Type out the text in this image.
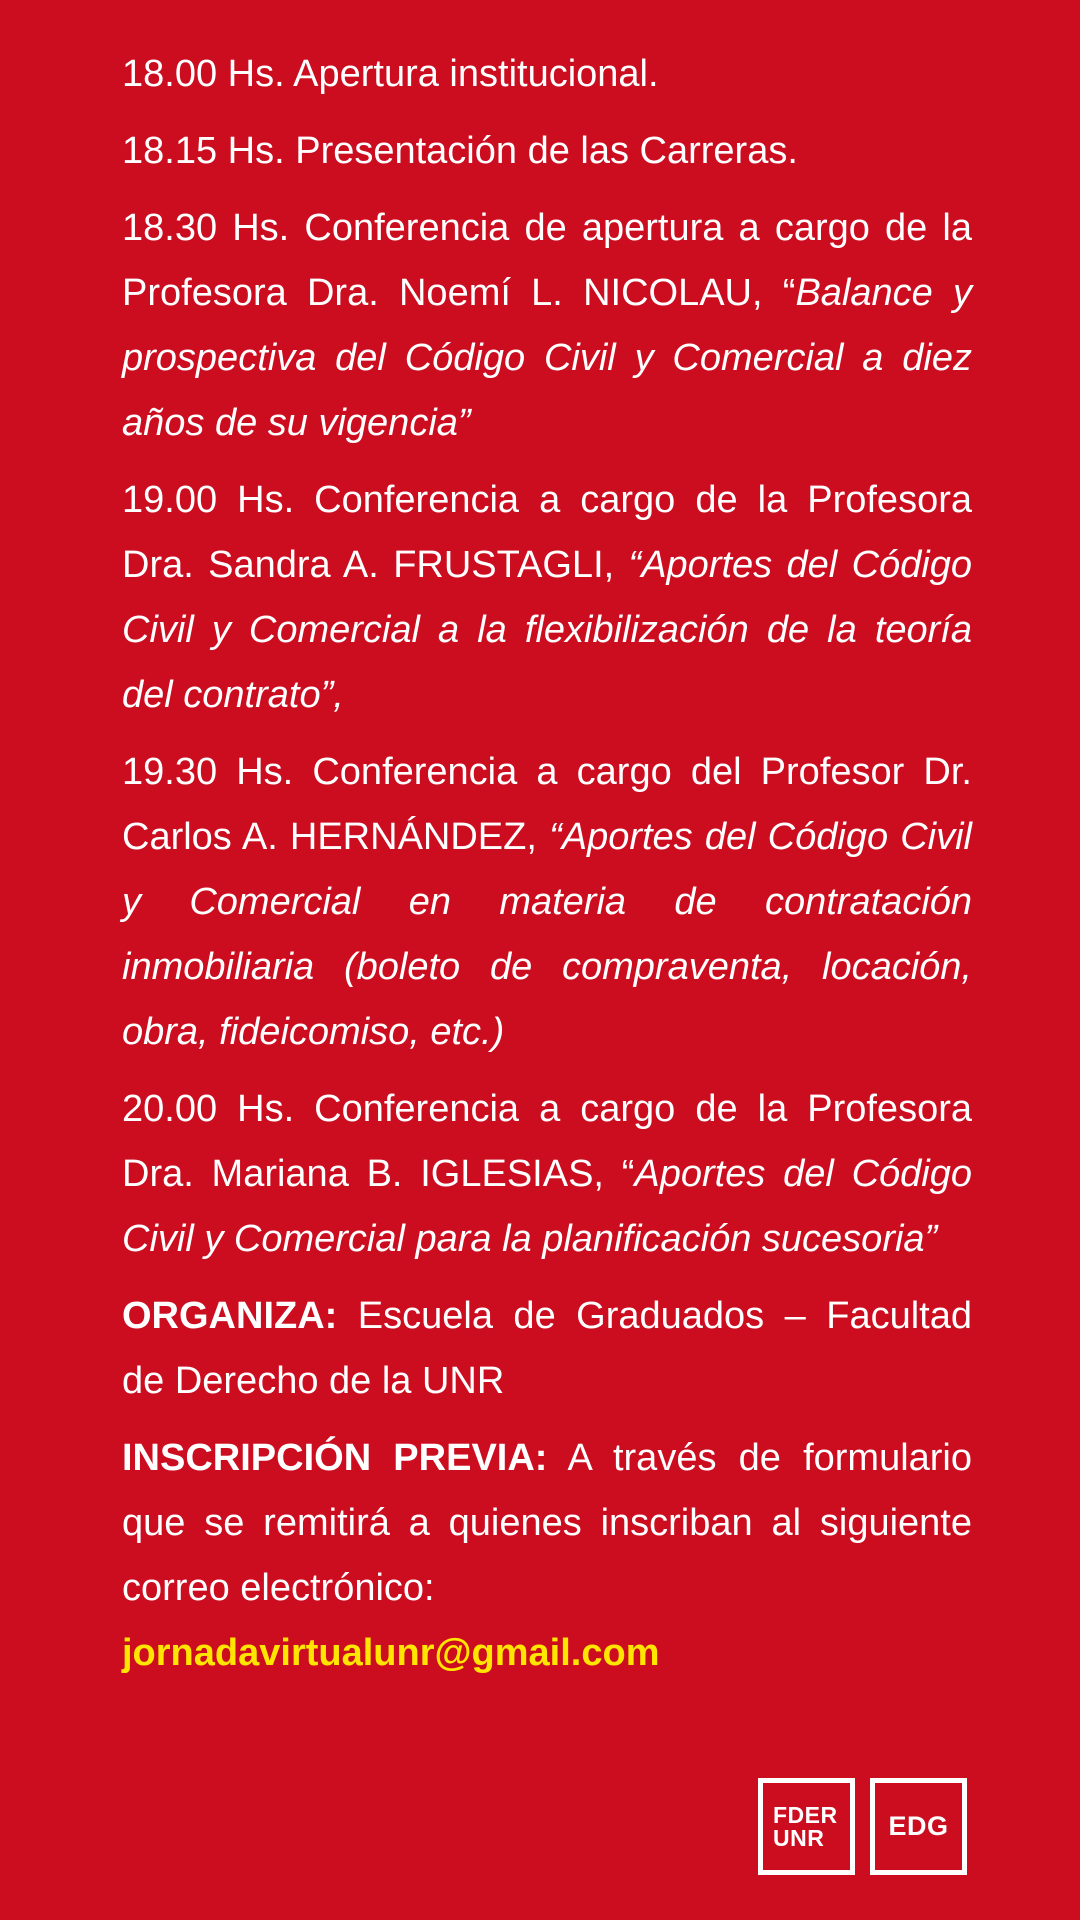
18.00 Hs. Apertura institucional.

18.15 Hs. Presentación de las Carreras.

18.30 Hs. Conferencia de apertura a cargo de la Profesora Dra. Noemí L. NICOLAU, “Balance y prospectiva del Código Civil y Comercial a diez años de su vigencia”

19.00 Hs. Conferencia a cargo de la Profesora Dra. Sandra A. FRUSTAGLI, “Aportes del Código Civil y Comercial a la flexibilización de la teoría del contrato”,

19.30 Hs. Conferencia a cargo del Profesor Dr. Carlos A. HERNÁNDEZ, “Aportes del Código Civil y Comercial en materia de contratación inmobiliaria (boleto de compraventa, locación, obra, fideicomiso, etc.)

20.00 Hs. Conferencia a cargo de la Profesora Dra. Mariana B. IGLESIAS, “Aportes del Código Civil y Comercial para la planificación sucesoria”

ORGANIZA: Escuela de Graduados – Facultad de Derecho de la UNR

INSCRIPCIÓN PREVIA: A través de formulario que se remitirá a quienes inscriban al siguiente correo electrónico:
jornadavirtualunr@gmail.com

FDER
UNR EDG
